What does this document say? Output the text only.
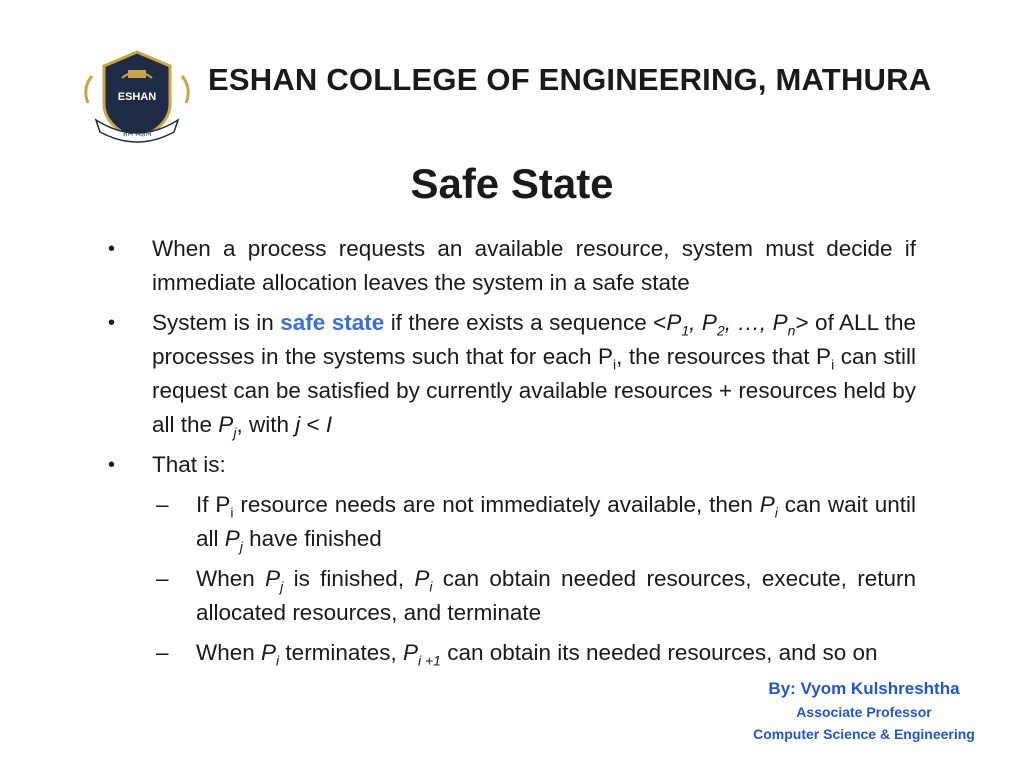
ESHAN
ज्ञान विज्ञान
ESHAN COLLEGE OF ENGINEERING, MATHURA
Safe State
•	When a process requests an available resource, system must decide if immediate allocation leaves the system in a safe state
•	System is in safe state if there exists a sequence $<P_1$, $P_2$, …, $P_n>$ of ALL the processes in the systems such that for each $P_i$, the resources that $P_i$ can still request can be satisfied by currently available resources + resources held by all the $P_j$, with j < I
•	That is:
–	If $P_i$ resource needs are not immediately available, then $P_i$ can wait until all $P_j$ have finished
–	When $P_j$ is finished, $P_i$ can obtain needed resources, execute, return allocated resources, and terminate
–	When $P_i$ terminates, $P_{i +1}$ can obtain its needed resources, and so on
By: Vyom Kulshreshtha
Associate Professor
Computer Science & Engineering
